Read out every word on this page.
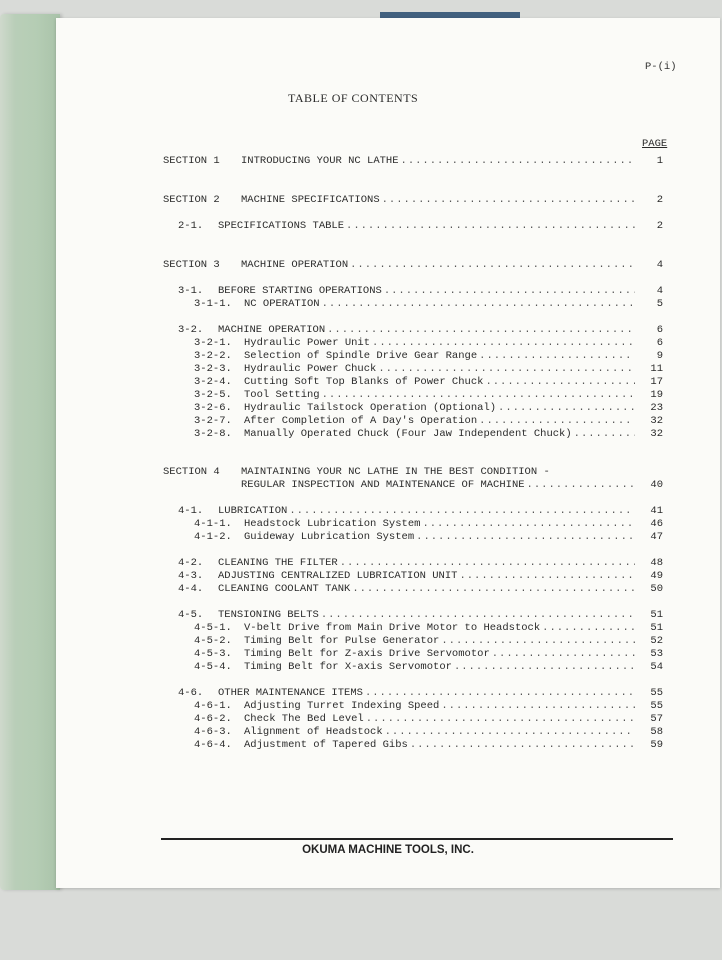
P-(i)
TABLE OF CONTENTS
PAGE
SECTION 1	INTRODUCING YOUR NC LATHE .....	1
SECTION 2	MACHINE SPECIFICATIONS .....	2
2-1.	SPECIFICATIONS TABLE .....	2
SECTION 3	MACHINE OPERATION .....	4
3-1.	BEFORE STARTING OPERATIONS .....	4
3-1-1.	NC OPERATION .....	5
3-2.	MACHINE OPERATION .....	6
3-2-1.	Hydraulic Power Unit .....	6
3-2-2.	Selection of Spindle Drive Gear Range .....	9
3-2-3.	Hydraulic Power Chuck .....	11
3-2-4.	Cutting Soft Top Blanks of Power Chuck .....	17
3-2-5.	Tool Setting .....	19
3-2-6.	Hydraulic Tailstock Operation (Optional) .....	23
3-2-7.	After Completion of A Day's Operation .....	32
3-2-8.	Manually Operated Chuck (Four Jaw Independent Chuck) .....	32
SECTION 4	MAINTAINING YOUR NC LATHE IN THE BEST CONDITION -
REGULAR INSPECTION AND MAINTENANCE OF MACHINE .....	40
4-1.	LUBRICATION .....	41
4-1-1.	Headstock Lubrication System .....	46
4-1-2.	Guideway Lubrication System .....	47
4-2.	CLEANING THE FILTER .....	48
4-3.	ADJUSTING CENTRALIZED LUBRICATION UNIT .....	49
4-4.	CLEANING COOLANT TANK .....	50
4-5.	TENSIONING BELTS .....	51
4-5-1.	V-belt Drive from Main Drive Motor to Headstock .....	51
4-5-2.	Timing Belt for Pulse Generator .....	52
4-5-3.	Timing Belt for Z-axis Drive Servomotor .....	53
4-5-4.	Timing Belt for X-axis Servomotor .....	54
4-6.	OTHER MAINTENANCE ITEMS .....	55
4-6-1.	Adjusting Turret Indexing Speed .....	55
4-6-2.	Check The Bed Level .....	57
4-6-3.	Alignment of Headstock .....	58
4-6-4.	Adjustment of Tapered Gibs .....	59
OKUMA MACHINE TOOLS, INC.
